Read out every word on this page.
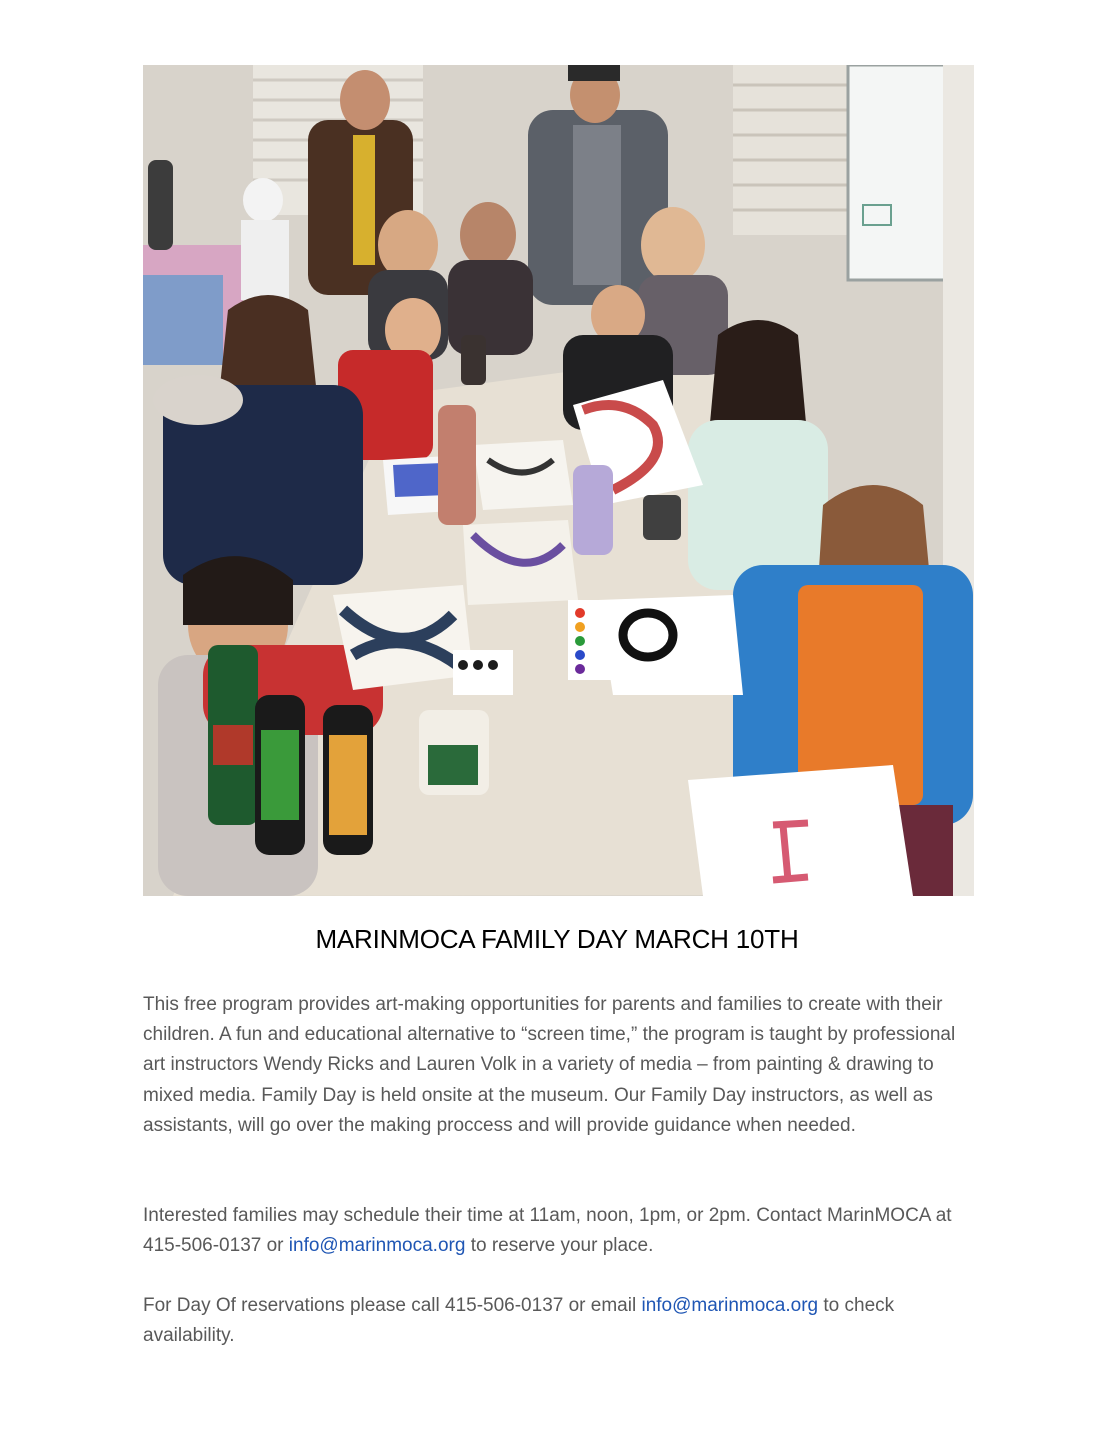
MARINMOCA FAMILY DAY MARCH 10TH

This free program provides art-making opportunities for parents and families to create with their children. A fun and educational alternative to “screen time,” the program is taught by professional art instructors Wendy Ricks and Lauren Volk in a variety of media – from painting & drawing to mixed media. Family Day is held onsite at the museum. Our Family Day instructors, as well as assistants, will go over the making proccess and will provide guidance when needed.

Interested families may schedule their time at 11am, noon, 1pm, or 2pm. Contact MarinMOCA at 415-506-0137 or info@marinmoca.org to reserve your place.

For Day Of reservations please call 415-506-0137 or email info@marinmoca.org to check availability.
